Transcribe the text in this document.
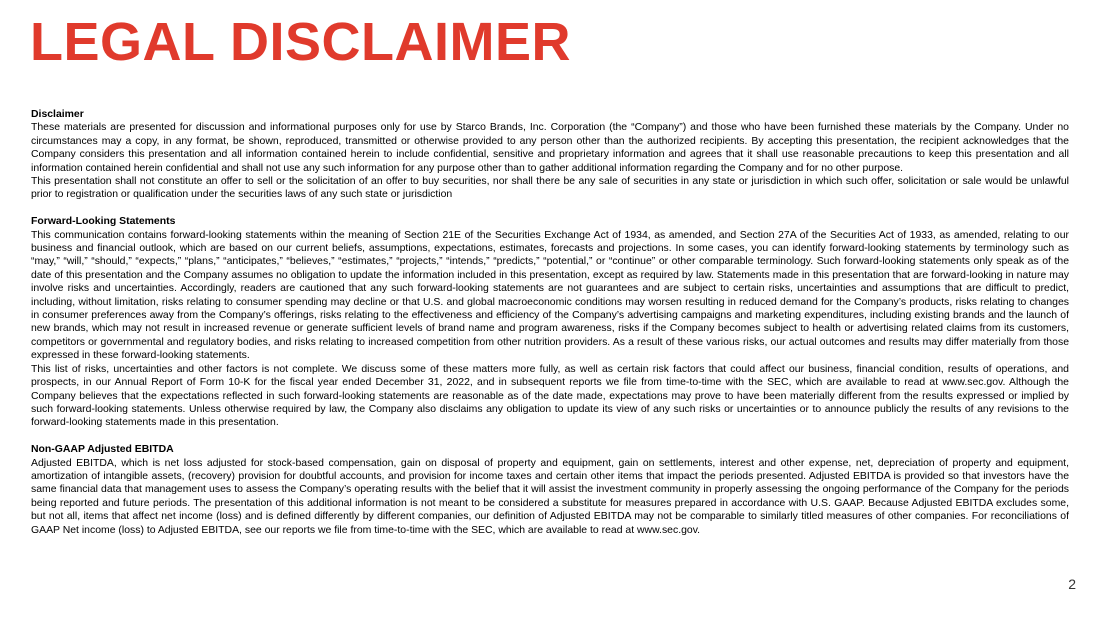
LEGAL DISCLAIMER

Disclaimer

These materials are presented for discussion and informational purposes only for use by Starco Brands, Inc. Corporation (the “Company”) and those who have been furnished these materials by the Company. Under no circumstances may a copy, in any format, be shown, reproduced, transmitted or otherwise provided to any person other than the authorized recipients. By accepting this presentation, the recipient acknowledges that the Company considers this presentation and all information contained herein to include confidential, sensitive and proprietary information and agrees that it shall use reasonable precautions to keep this presentation and all information contained herein confidential and shall not use any such information for any purpose other than to gather additional information regarding the Company and for no other purpose.

This presentation shall not constitute an offer to sell or the solicitation of an offer to buy securities, nor shall there be any sale of securities in any state or jurisdiction in which such offer, solicitation or sale would be unlawful prior to registration or qualification under the securities laws of any such state or jurisdiction

Forward-Looking Statements

This communication contains forward-looking statements within the meaning of Section 21E of the Securities Exchange Act of 1934, as amended, and Section 27A of the Securities Act of 1933, as amended, relating to our business and financial outlook, which are based on our current beliefs, assumptions, expectations, estimates, forecasts and projections. In some cases, you can identify forward-looking statements by terminology such as “may,” “will,” “should,” “expects,” “plans,” “anticipates,” “believes,” “estimates,” “projects,” “intends,” “predicts,” “potential,” or “continue” or other comparable terminology. Such forward-looking statements only speak as of the date of this presentation and the Company assumes no obligation to update the information included in this presentation, except as required by law. Statements made in this presentation that are forward-looking in nature may involve risks and uncertainties. Accordingly, readers are cautioned that any such forward-looking statements are not guarantees and are subject to certain risks, uncertainties and assumptions that are difficult to predict, including, without limitation, risks relating to consumer spending may decline or that U.S. and global macroeconomic conditions may worsen resulting in reduced demand for the Company’s products, risks relating to changes in consumer preferences away from the Company’s offerings, risks relating to the effectiveness and efficiency of the Company’s advertising campaigns and marketing expenditures, including existing brands and the launch of new brands, which may not result in increased revenue or generate sufficient levels of brand name and program awareness, risks if the Company becomes subject to health or advertising related claims from its customers, competitors or governmental and regulatory bodies, and risks relating to increased competition from other nutrition providers. As a result of these various risks, our actual outcomes and results may differ materially from those expressed in these forward-looking statements.

This list of risks, uncertainties and other factors is not complete. We discuss some of these matters more fully, as well as certain risk factors that could affect our business, financial condition, results of operations, and prospects, in our Annual Report of Form 10-K for the fiscal year ended December 31, 2022, and in subsequent reports we file from time-to-time with the SEC, which are available to read at www.sec.gov. Although the Company believes that the expectations reflected in such forward-looking statements are reasonable as of the date made, expectations may prove to have been materially different from the results expressed or implied by such forward-looking statements. Unless otherwise required by law, the Company also disclaims any obligation to update its view of any such risks or uncertainties or to announce publicly the results of any revisions to the forward-looking statements made in this presentation.

Non-GAAP Adjusted EBITDA

Adjusted EBITDA, which is net loss adjusted for stock-based compensation, gain on disposal of property and equipment, gain on settlements, interest and other expense, net, depreciation of property and equipment, amortization of intangible assets, (recovery) provision for doubtful accounts, and provision for income taxes and certain other items that impact the periods presented. Adjusted EBITDA is provided so that investors have the same financial data that management uses to assess the Company’s operating results with the belief that it will assist the investment community in properly assessing the ongoing performance of the Company for the periods being reported and future periods. The presentation of this additional information is not meant to be considered a substitute for measures prepared in accordance with U.S. GAAP. Because Adjusted EBITDA excludes some, but not all, items that affect net income (loss) and is defined differently by different companies, our definition of Adjusted EBITDA may not be comparable to similarly titled measures of other companies. For reconciliations of GAAP Net income (loss) to Adjusted EBITDA, see our reports we file from time-to-time with the SEC, which are available to read at www.sec.gov.

2
